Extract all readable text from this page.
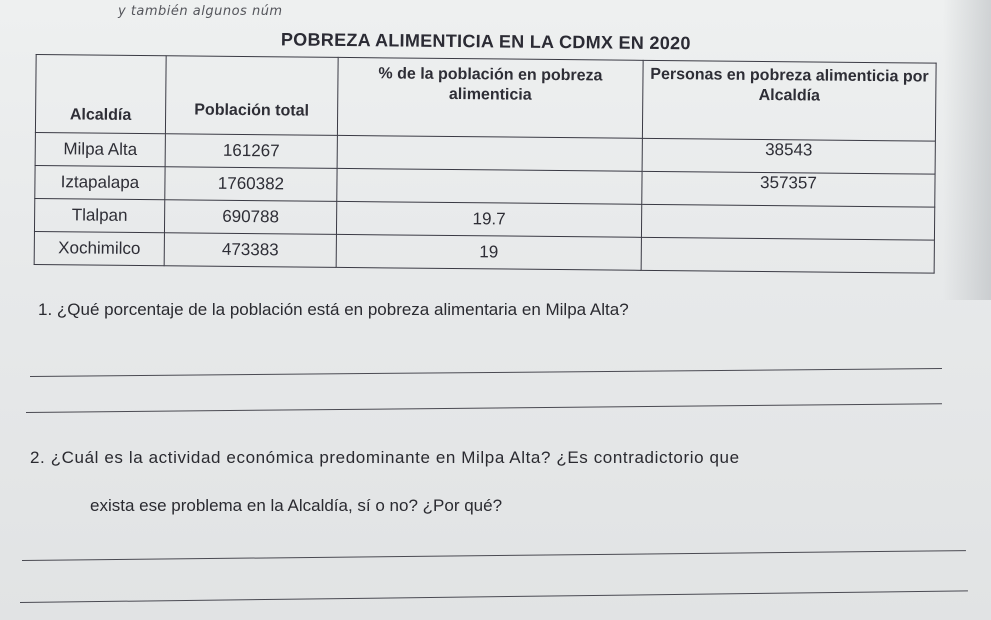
y también algunos núm
POBREZA ALIMENTICIA EN LA CDMX EN 2020
Alcaldía	Población total	% de la población en pobreza alimenticia	Personas en pobreza alimenticia por Alcaldía
Milpa Alta	161267		38543
Iztapalapa	1760382		357357
Tlalpan	690788	19.7	
Xochimilco	473383	19	
1. ¿Qué porcentaje de la población está en pobreza alimentaria en Milpa Alta?
2. ¿Cuál es la actividad económica predominante en Milpa Alta? ¿Es contradictorio que
exista ese problema en la Alcaldía, sí o no? ¿Por qué?
